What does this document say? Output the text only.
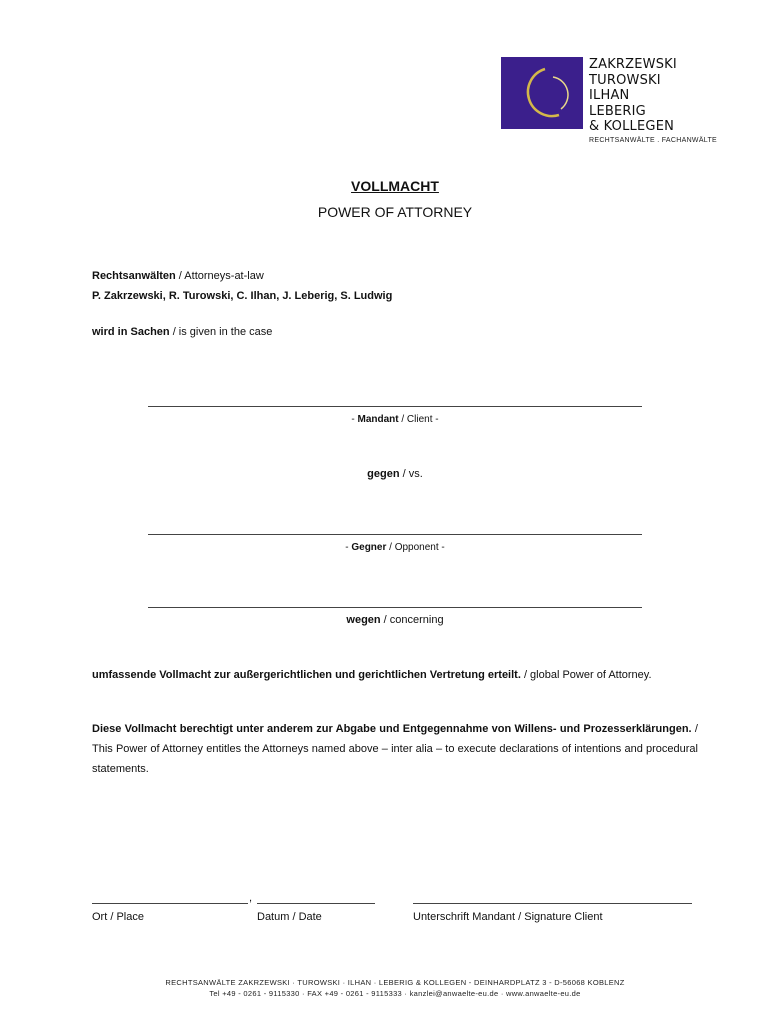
ZAKRZEWSKI
TUROWSKI
ILHAN
LEBERIG
& KOLLEGEN
RECHTSANWÄLTE . FACHANWÄLTE
VOLLMACHT
POWER OF ATTORNEY
Rechtsanwälten / Attorneys-at-law
P. Zakrzewski, R. Turowski, C. Ilhan, J. Leberig, S. Ludwig
wird in Sachen / is given in the case
- Mandant / Client -
gegen / vs.
- Gegner / Opponent -
wegen / concerning
umfassende Vollmacht zur außergerichtlichen und gerichtlichen Vertretung erteilt. / global Power of Attorney.
Diese Vollmacht berechtigt unter anderem zur Abgabe und Entgegennahme von Willens- und Prozesserklärungen. / This Power of Attorney entitles the Attorneys named above – inter alia – to execute declarations of intentions and procedural statements.
,
Ort / Place	Datum / Date	Unterschrift Mandant / Signature Client
RECHTSANWÄLTE ZAKRZEWSKI · TUROWSKI · ILHAN · LEBERIG & KOLLEGEN - DEINHARDPLATZ 3 - D-56068 KOBLENZ
Tel +49 - 0261 - 9115330 · FAX +49 - 0261 - 9115333 · kanzlei@anwaelte-eu.de · www.anwaelte-eu.de
